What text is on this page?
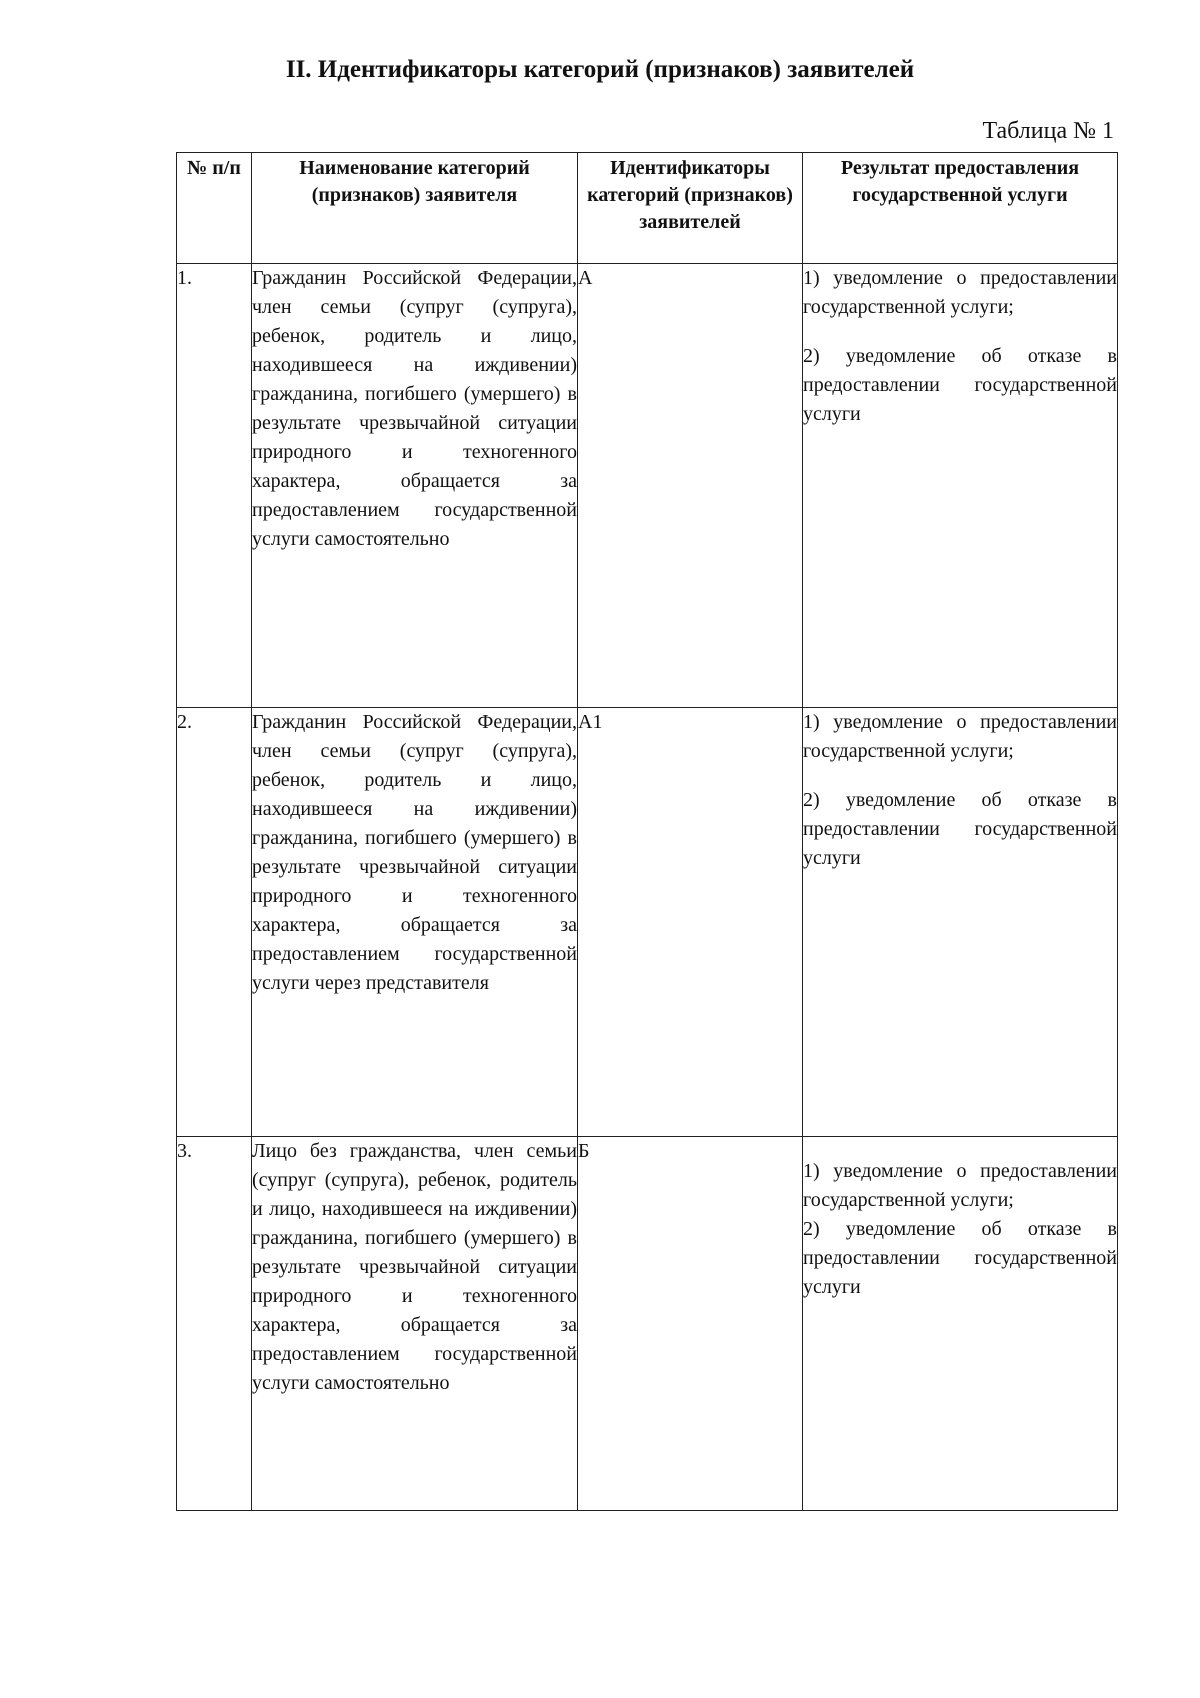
II. Идентификаторы категорий (признаков) заявителей
Таблица № 1
№ п/п	Наименование категорий (признаков) заявителя	Идентификаторы категорий (признаков) заявителей	Результат предоставления государственной услуги
1.	Гражданин Российской Федерации, член семьи (супруг (супруга), ребенок, родитель и лицо, находившееся на иждивении) гражданина, погибшего (умершего) в результате чрезвычайной ситуации природного и техногенного характера, обращается за предоставлением государственной услуги самостоятельно	А	1) уведомление о предоставлении государственной услуги;

2) уведомление об отказе в предоставлении государственной услуги

2.	Гражданин Российской Федерации, член семьи (супруг (супруга), ребенок, родитель и лицо, находившееся на иждивении) гражданина, погибшего (умершего) в результате чрезвычайной ситуации природного и техногенного характера, обращается за предоставлением государственной услуги через представителя	А1	1) уведомление о предоставлении государственной услуги;

2) уведомление об отказе в предоставлении государственной услуги

3.	Лицо без гражданства, член семьи (супруг (супруга), ребенок, родитель и лицо, находившееся на иждивении) гражданина, погибшего (умершего) в результате чрезвычайной ситуации природного и техногенного характера, обращается за предоставлением государственной услуги самостоятельно	Б	1) уведомление о предоставлении государственной услуги;

2) уведомление об отказе в предоставлении государственной услуги
